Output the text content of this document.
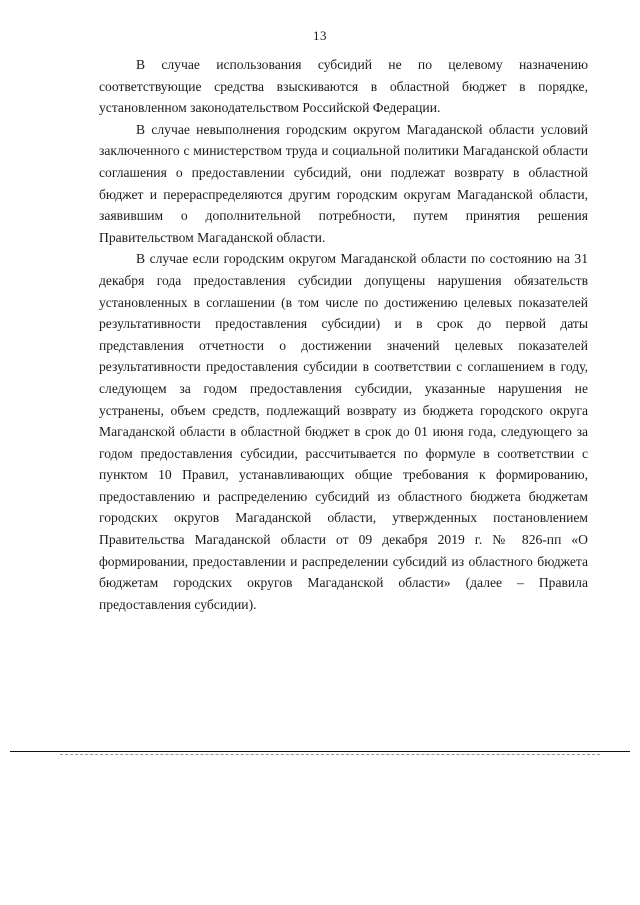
13

В случае использования субсидий не по целевому назначению соответствующие средства взыскиваются в областной бюджет в порядке, установленном законодательством Российской Федерации.

В случае невыполнения городским округом Магаданской области условий заключенного с министерством труда и социальной политики Магаданской области соглашения о предоставлении субсидий, они подлежат возврату в областной бюджет и перераспределяются другим городским округам Магаданской области, заявившим о дополнительной потребности, путем принятия решения Правительством Магаданской области.

В случае если городским округом Магаданской области по состоянию на 31 декабря года предоставления субсидии допущены нарушения обязательств установленных в соглашении (в том числе по достижению целевых показателей результативности предоставления субсидии) и в срок до первой даты представления отчетности о достижении значений целевых показателей результативности предоставления субсидии в соответствии с соглашением в году, следующем за годом предоставления субсидии, указанные нарушения не устранены, объем средств, подлежащий возврату из бюджета городского округа Магаданской области в областной бюджет в срок до 01 июня года, следующего за годом предоставления субсидии, рассчитывается по формуле в соответствии с пунктом 10 Правил, устанавливающих общие требования к формированию, предоставлению и распределению субсидий из областного бюджета бюджетам городских округов Магаданской области, утвержденных постановлением Правительства Магаданской области от 09 декабря 2019 г. № 826-пп «О формировании, предоставлении и распределении субсидий из областного бюджета бюджетам городских округов Магаданской области» (далее – Правила предоставления субсидии).
